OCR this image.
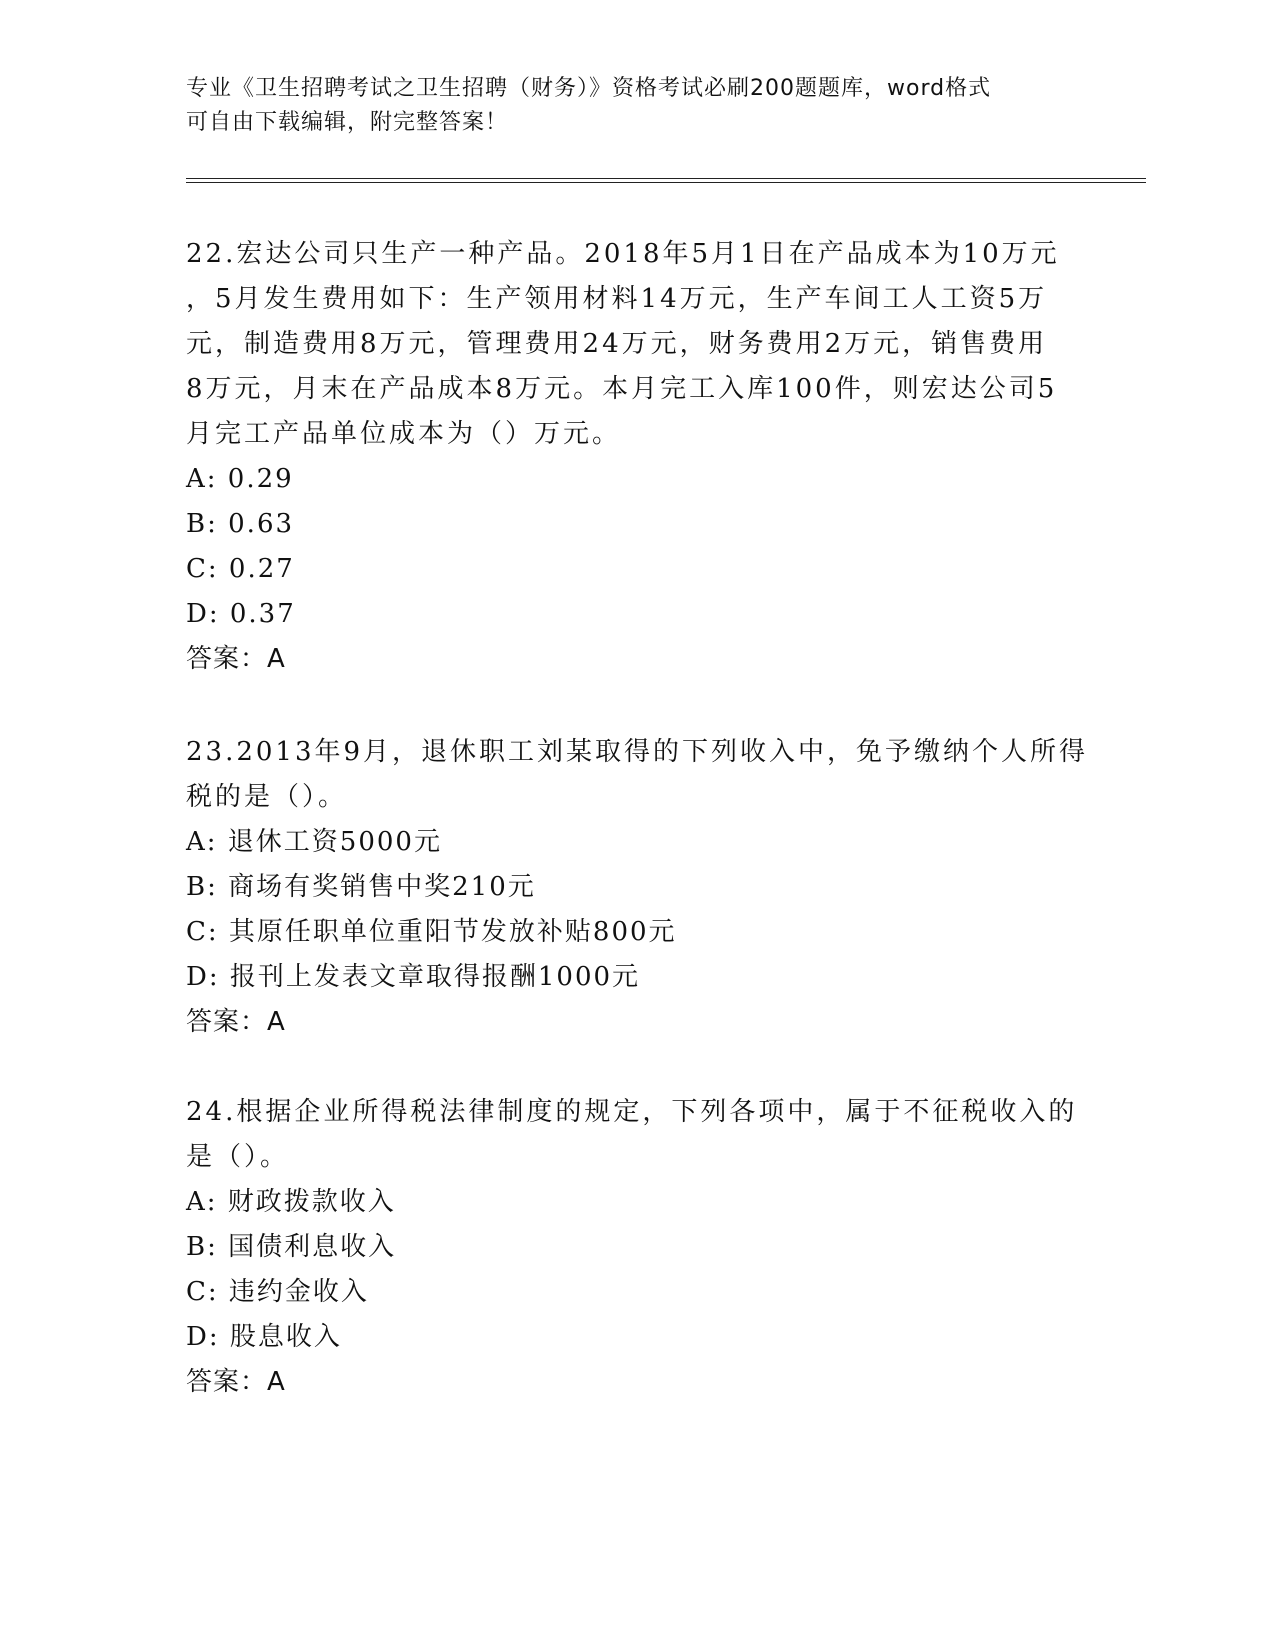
专业《卫生招聘考试之卫生招聘（财务）》资格考试必刷200题题库，word格式
可自由下载编辑，附完整答案！
22.宏达公司只生产一种产品。2018年5月1日在产品成本为10万元
，5月发生费用如下：生产领用材料14万元，生产车间工人工资5万
元，制造费用8万元，管理费用24万元，财务费用2万元，销售费用
8万元，月末在产品成本8万元。本月完工入库100件，则宏达公司5
月完工产品单位成本为（）万元。
A: 0.29
B: 0.63
C: 0.27
D: 0.37
答案：A
23.2013年9月，退休职工刘某取得的下列收入中，免予缴纳个人所得
税的是（）。
A: 退休工资5000元
B: 商场有奖销售中奖210元
C: 其原任职单位重阳节发放补贴800元
D: 报刊上发表文章取得报酬1000元
答案：A
24.根据企业所得税法律制度的规定，下列各项中，属于不征税收入的
是（）。
A: 财政拨款收入
B: 国债利息收入
C: 违约金收入
D: 股息收入
答案：A
